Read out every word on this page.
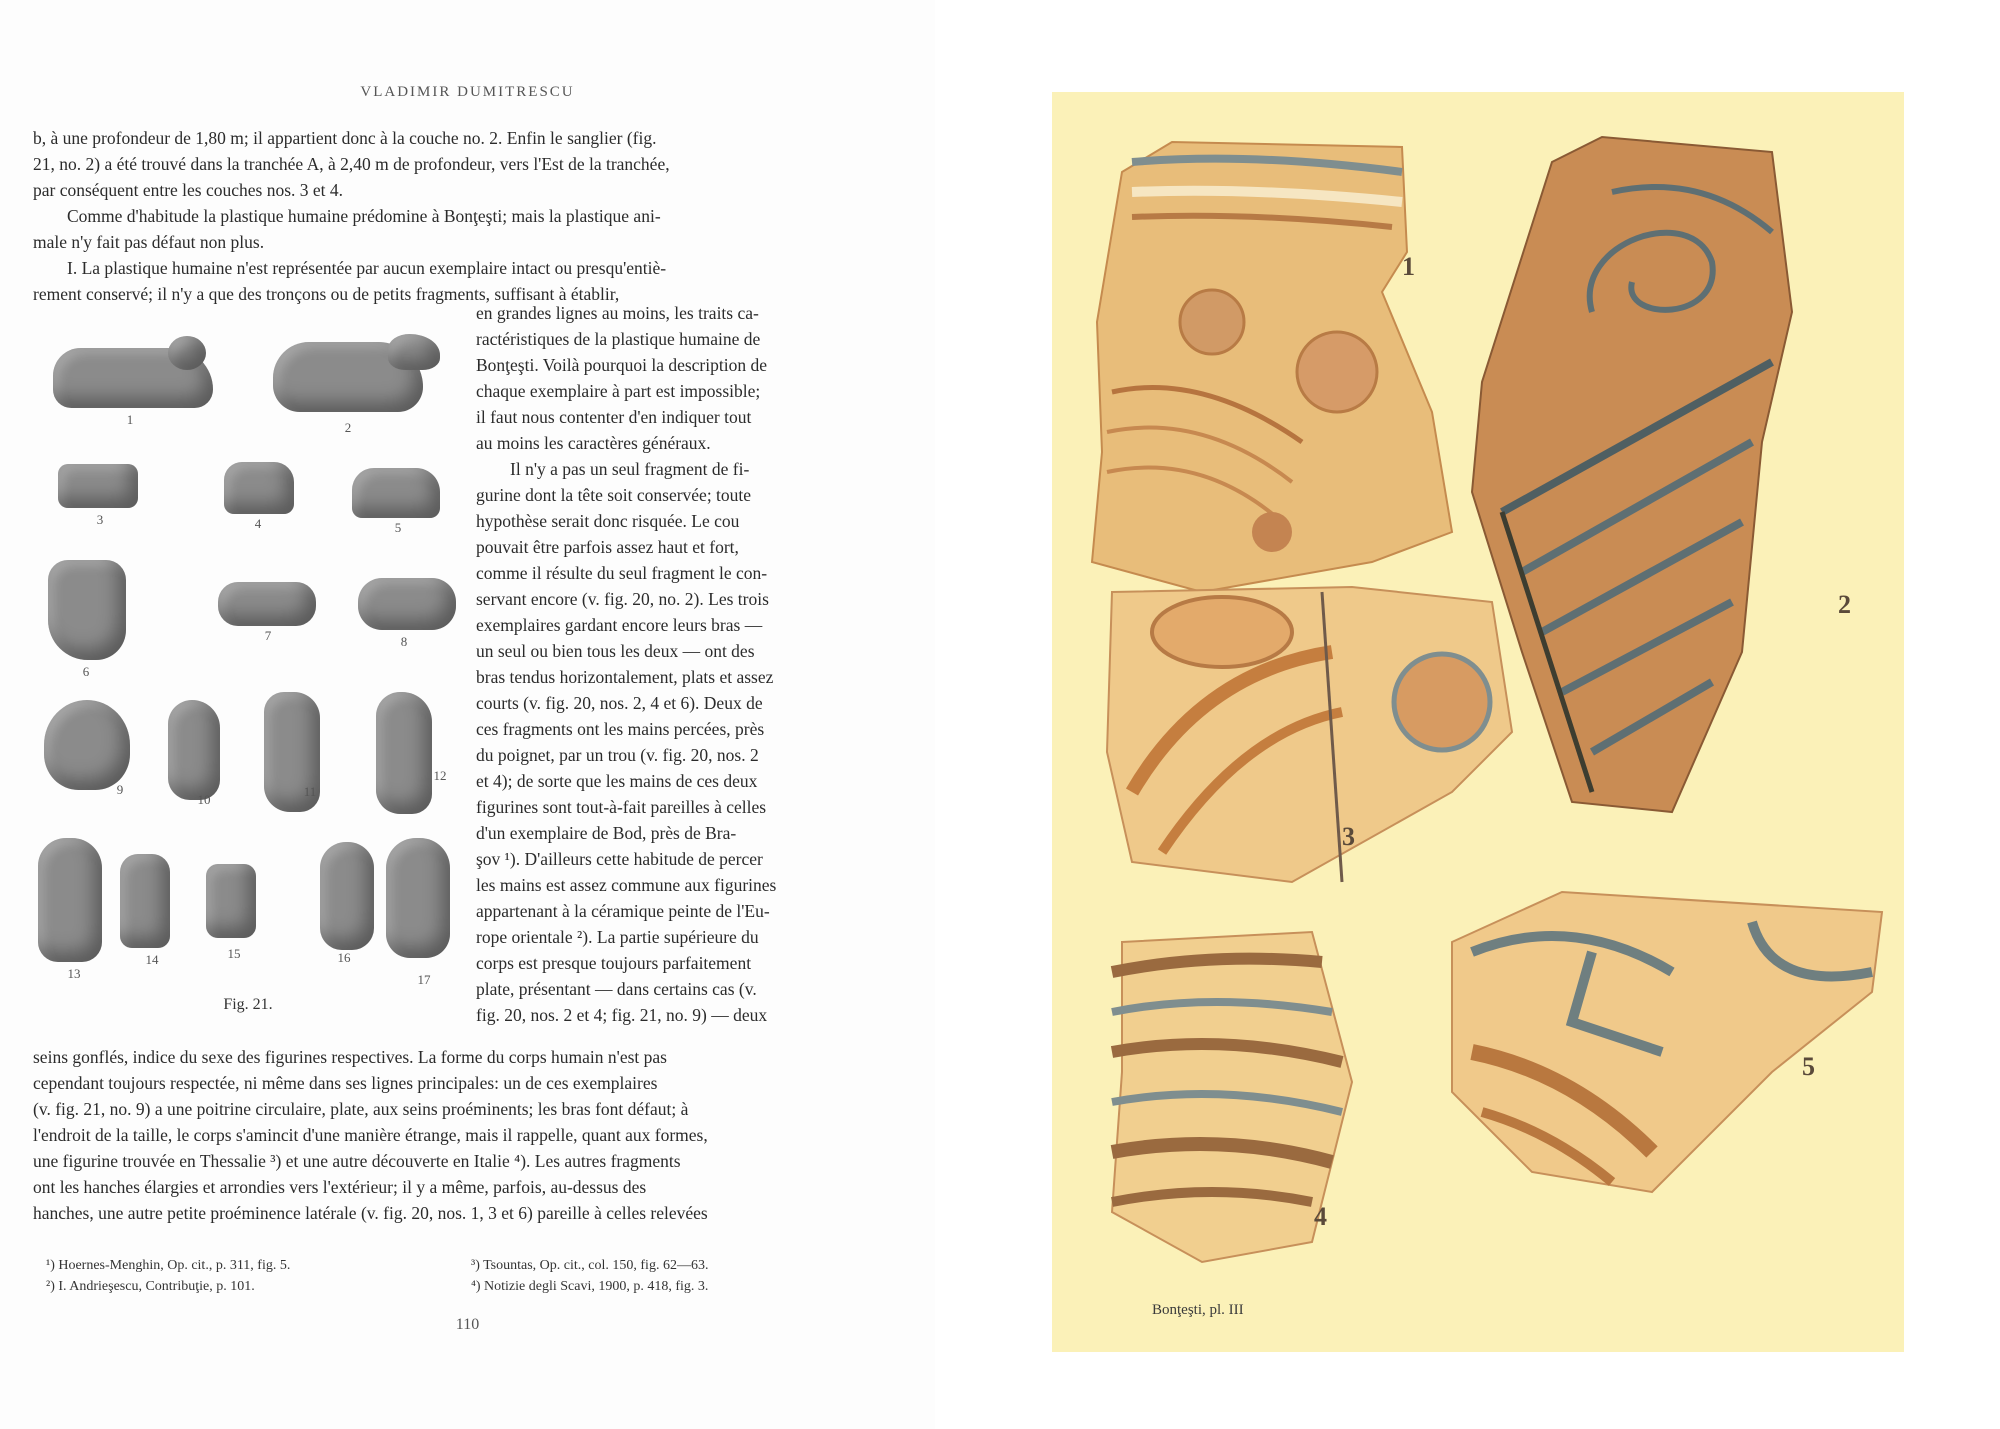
VLADIMIR DUMITRESCU
b, à une profondeur de 1,80 m; il appartient donc à la couche no. 2. Enfin le sanglier (fig.
21, no. 2) a été trouvé dans la tranchée A, à 2,40 m de profondeur, vers l'Est de la tranchée,
par conséquent entre les couches nos. 3 et 4.
Comme d'habitude la plastique humaine prédomine à Bonţeşti; mais la plastique ani-
male n'y fait pas défaut non plus.
I. La plastique humaine n'est représentée par aucun exemplaire intact ou presqu'entiè-
rement conservé; il n'y a que des tronçons ou de petits fragments, suffisant à établir,
en grandes lignes au moins, les traits ca-
ractéristiques de la plastique humaine de
Bonţeşti. Voilà pourquoi la description de
chaque exemplaire à part est impossible;
il faut nous contenter d'en indiquer tout
au moins les caractères généraux.
Il n'y a pas un seul fragment de fi-
gurine dont la tête soit conservée; toute
hypothèse serait donc risquée. Le cou
pouvait être parfois assez haut et fort,
comme il résulte du seul fragment le con-
servant encore (v. fig. 20, no. 2). Les trois
exemplaires gardant encore leurs bras —
un seul ou bien tous les deux — ont des
bras tendus horizontalement, plats et assez
courts (v. fig. 20, nos. 2, 4 et 6). Deux de
ces fragments ont les mains percées, près
du poignet, par un trou (v. fig. 20, nos. 2
et 4); de sorte que les mains de ces deux
figurines sont tout-à-fait pareilles à celles
d'un exemplaire de Bod, près de Bra-
şov ¹). D'ailleurs cette habitude de percer
les mains est assez commune aux figurines
appartenant à la céramique peinte de l'Eu-
rope orientale ²). La partie supérieure du
corps est presque toujours parfaitement
plate, présentant — dans certains cas (v.
fig. 20, nos. 2 et 4; fig. 21, no. 9) — deux
1
2
3	4	5
6
7	8
9
10
11
12
13
14	15	16
17
Fig. 21.
seins gonflés, indice du sexe des figurines respectives. La forme du corps humain n'est pas
cependant toujours respectée, ni même dans ses lignes principales: un de ces exemplaires
(v. fig. 21, no. 9) a une poitrine circulaire, plate, aux seins proéminents; les bras font défaut; à
l'endroit de la taille, le corps s'amincit d'une manière étrange, mais il rappelle, quant aux formes,
une figurine trouvée en Thessalie ³) et une autre découverte en Italie ⁴). Les autres fragments
ont les hanches élargies et arrondies vers l'extérieur; il y a même, parfois, au-dessus des
hanches, une autre petite proéminence latérale (v. fig. 20, nos. 1, 3 et 6) pareille à celles relevées
¹) Hoernes-Menghin, Op. cit., p. 311, fig. 5.
²) I. Andrieşescu, Contribuţie, p. 101.
³) Tsountas, Op. cit., col. 150, fig. 62—63.
⁴) Notizie degli Scavi, 1900, p. 418, fig. 3.
110
1
2
3
4
5
Bonţeşti, pl. III
